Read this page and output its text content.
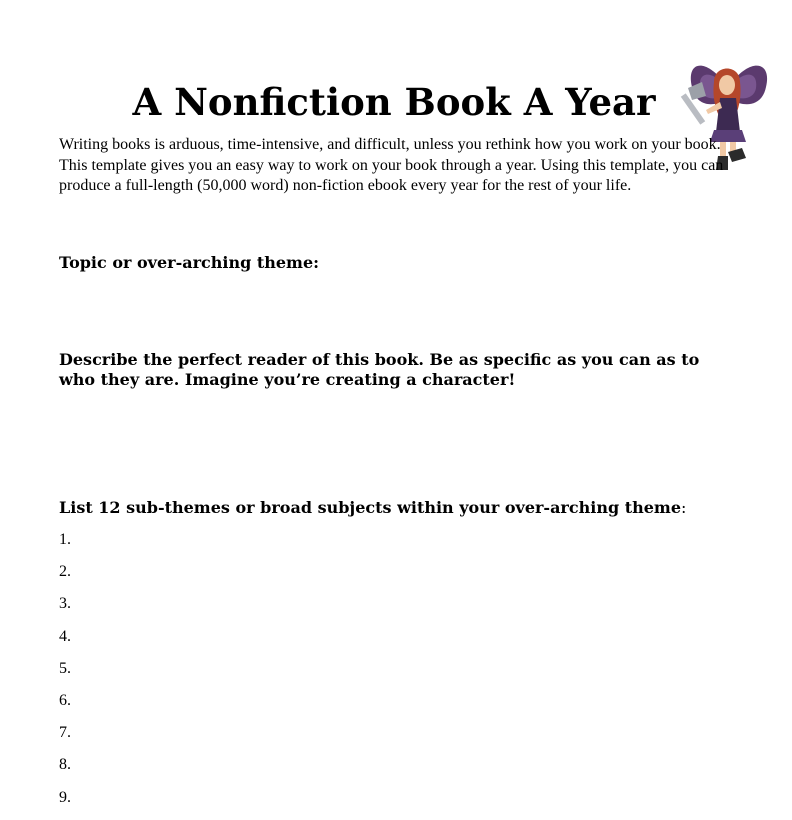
A Nonfiction Book A Year

Writing books is arduous, time-intensive, and difficult, unless you rethink how you work on your book. This template gives you an easy way to work on your book through a year. Using this template, you can produce a full-length (50,000 word) non-fiction ebook every year for the rest of your life.

Topic or over-arching theme:

Describe the perfect reader of this book. Be as specific as you can as to who they are. Imagine you’re creating a character!

List 12 sub-themes or broad subjects within your over-arching theme:

1.
2.
3.
4.
5.
6.
7.
8.
9.
